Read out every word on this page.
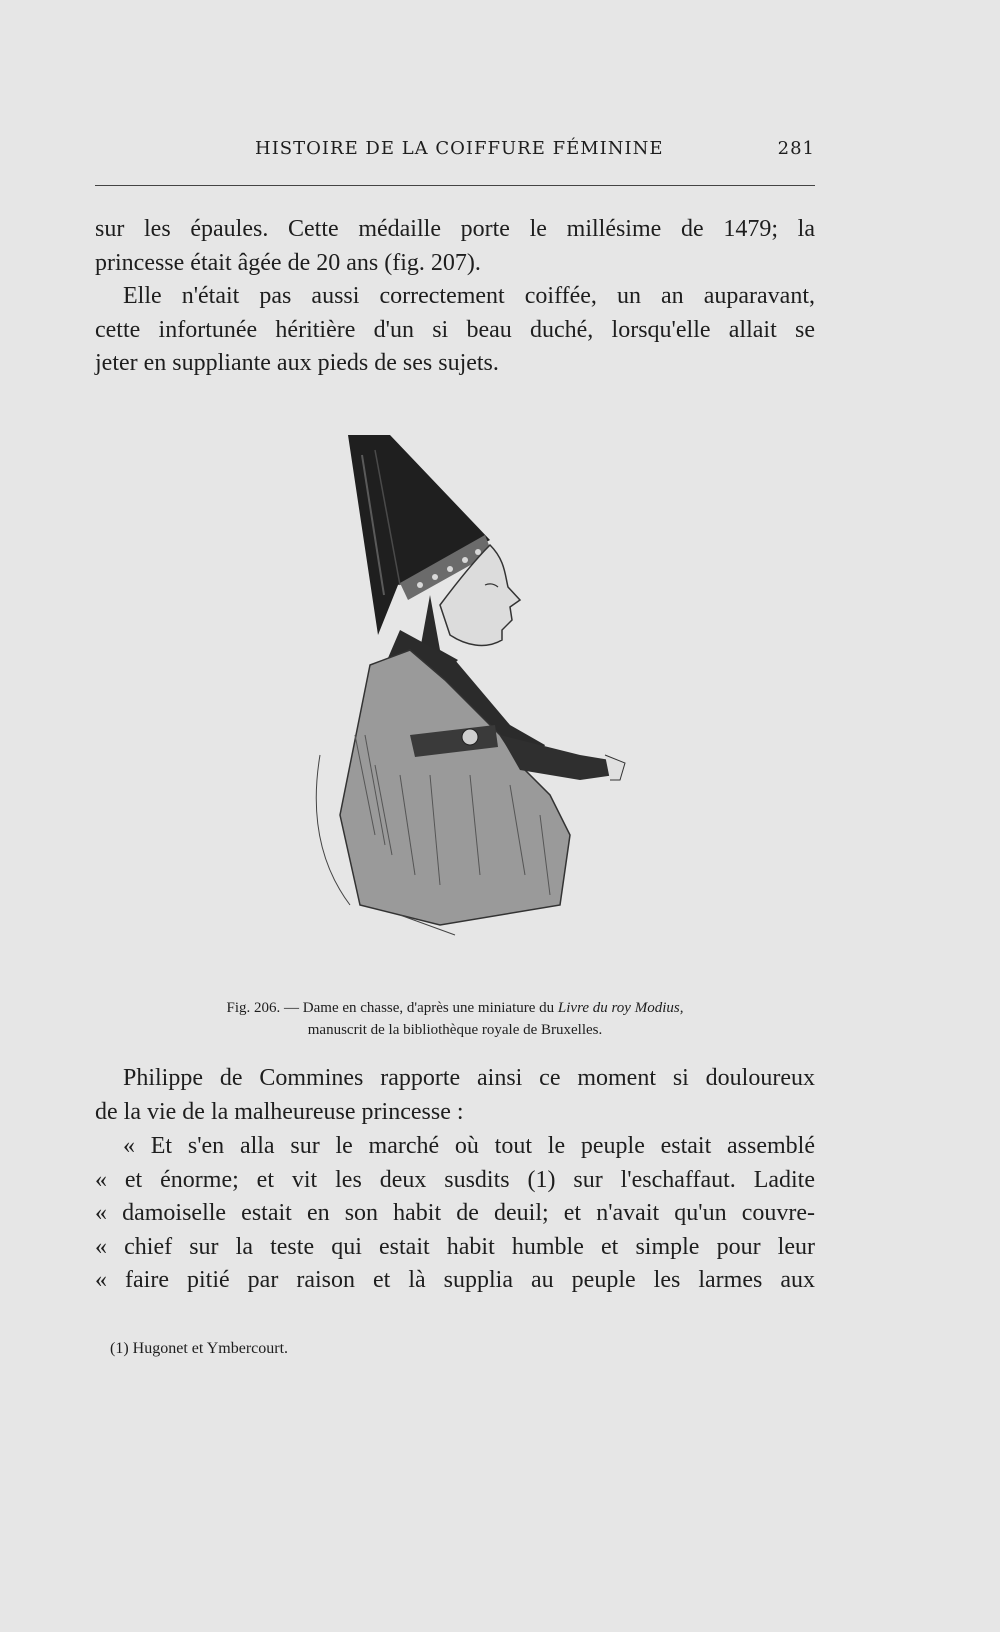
HISTOIRE DE LA COIFFURE FÉMININE	281

sur les épaules. Cette médaille porte le millésime de 1479; la
princesse était âgée de 20 ans (fig. 207).

Elle n'était pas aussi correctement coiffée, un an auparavant,
cette infortunée héritière d'un si beau duché, lorsqu'elle allait se
jeter en suppliante aux pieds de ses sujets.

Fig. 206. — Dame en chasse, d'après une miniature du Livre du roy Modius,
manuscrit de la bibliothèque royale de Bruxelles.

Philippe de Commines rapporte ainsi ce moment si douloureux
de la vie de la malheureuse princesse :

« Et s'en alla sur le marché où tout le peuple estait assemblé
« et énorme; et vit les deux susdits (1) sur l'eschaffaut. Ladite
« damoiselle estait en son habit de deuil; et n'avait qu'un couvre-
« chief sur la teste qui estait habit humble et simple pour leur
« faire pitié par raison et là supplia au peuple les larmes aux

(1) Hugonet et Ymbercourt.
